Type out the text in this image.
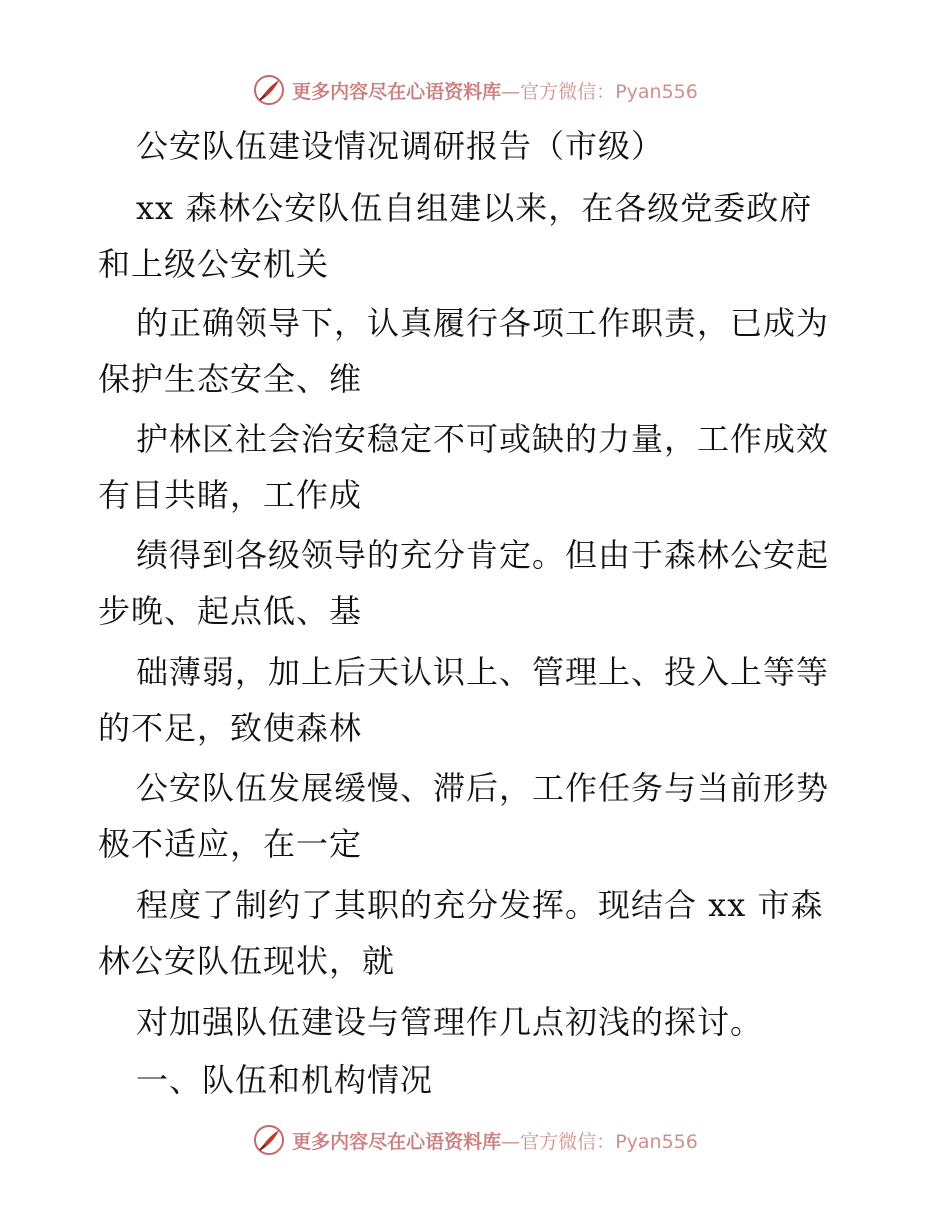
更多内容尽在心语资料库—官方微信：Pyan556
公安队伍建设情况调研报告（市级）
xx 森林公安队伍自组建以来，在各级党委政府
和上级公安机关
的正确领导下，认真履行各项工作职责，已成为
保护生态安全、维
护林区社会治安稳定不可或缺的力量，工作成效
有目共睹，工作成
绩得到各级领导的充分肯定。但由于森林公安起
步晚、起点低、基
础薄弱，加上后天认识上、管理上、投入上等等
的不足，致使森林
公安队伍发展缓慢、滞后，工作任务与当前形势
极不适应，在一定
程度了制约了其职的充分发挥。现结合 xx 市森
林公安队伍现状，就
对加强队伍建设与管理作几点初浅的探讨。
一、队伍和机构情况
更多内容尽在心语资料库—官方微信：Pyan556
